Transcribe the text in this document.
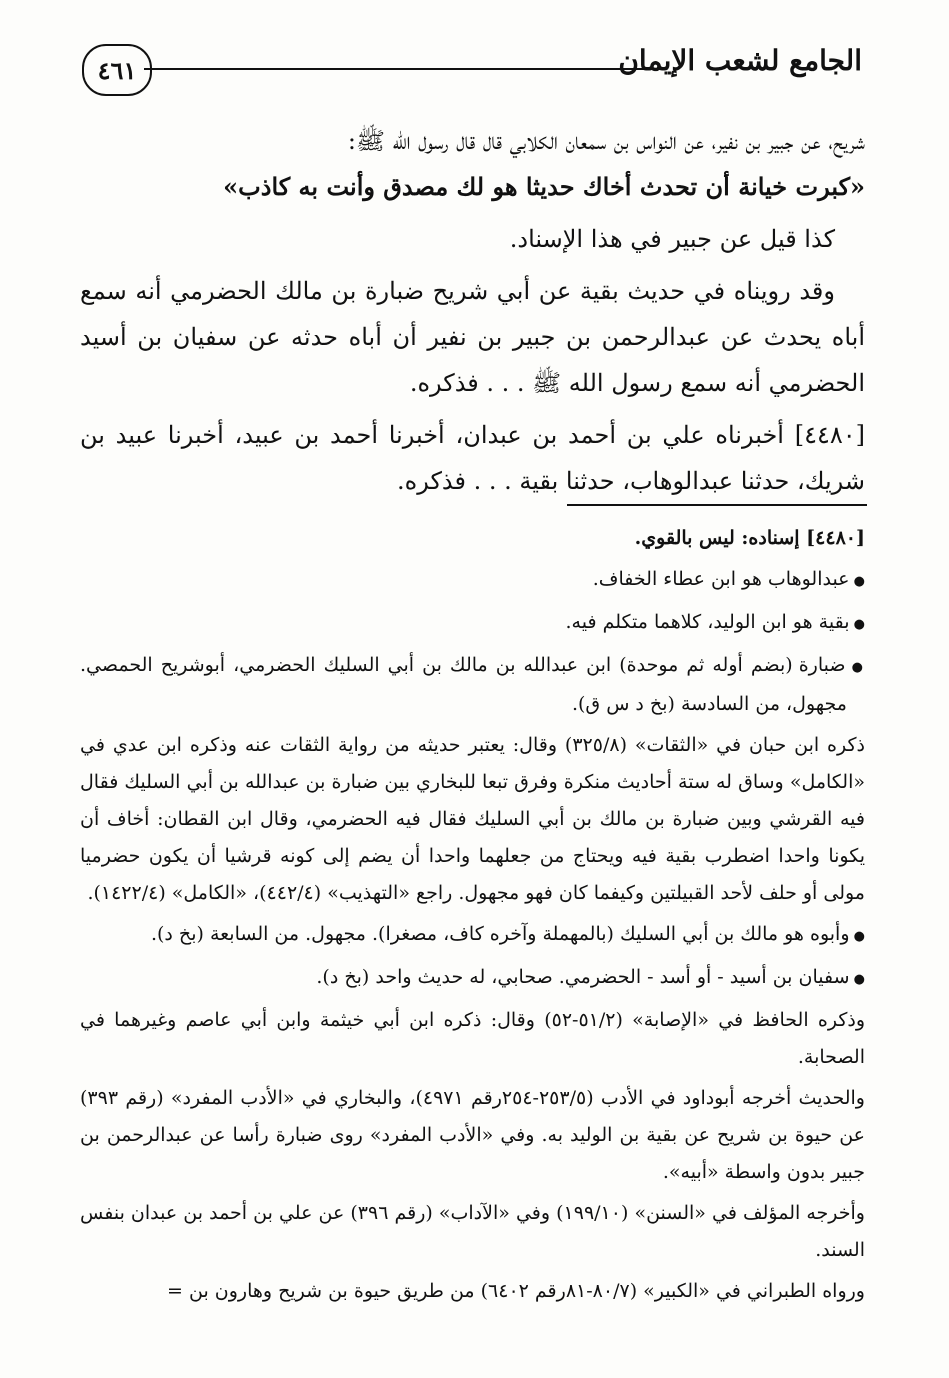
٤٦١	الجامع لشعب الإيمان

شريح، عن جبير بن نفير، عن النواس بن سمعان الكلابي قال قال رسول الله ﷺ:
«كبرت خيانة أن تحدث أخاك حديثا هو لك مصدق وأنت به كاذب»

كذا قيل عن جبير في هذا الإسناد.

وقد رويناه في حديث بقية عن أبي شريح ضبارة بن مالك الحضرمي أنه سمع أباه يحدث عن عبدالرحمن بن جبير بن نفير أن أباه حدثه عن سفيان بن أسيد الحضرمي أنه سمع رسول الله ﷺ . . . فذكره.

[٤٤٨٠] أخبرناه علي بن أحمد بن عبدان، أخبرنا أحمد بن عبيد، أخبرنا عبيد بن شريك، حدثنا عبدالوهاب، حدثنا بقية . . . فذكره.

[٤٤٨٠] إسناده: ليس بالقوي.

● عبدالوهاب هو ابن عطاء الخفاف.

● بقية هو ابن الوليد، كلاهما متكلم فيه.

● ضبارة (بضم أوله ثم موحدة) ابن عبدالله بن مالك بن أبي السليك الحضرمي، أبوشريح الحمصي. مجهول، من السادسة (بخ د س ق).

ذكره ابن حبان في «الثقات» (٣٢٥/٨) وقال: يعتبر حديثه من رواية الثقات عنه وذكره ابن عدي في «الكامل» وساق له ستة أحاديث منكرة وفرق تبعا للبخاري بين ضبارة بن عبدالله بن أبي السليك فقال فيه القرشي وبين ضبارة بن مالك بن أبي السليك فقال فيه الحضرمي، وقال ابن القطان: أخاف أن يكونا واحدا اضطرب بقية فيه ويحتاج من جعلهما واحدا أن يضم إلى كونه قرشيا أن يكون حضرميا مولى أو حلف لأحد القبيلتين وكيفما كان فهو مجهول. راجع «التهذيب» (٤٤٢/٤)، «الكامل» (١٤٢٢/٤).

● وأبوه هو مالك بن أبي السليك (بالمهملة وآخره كاف، مصغرا). مجهول. من السابعة (بخ د).

● سفيان بن أسيد - أو أسد - الحضرمي. صحابي، له حديث واحد (بخ د).

وذكره الحافظ في «الإصابة» (٥١/٢-٥٢) وقال: ذكره ابن أبي خيثمة وابن أبي عاصم وغيرهما في الصحابة.

والحديث أخرجه أبوداود في الأدب (٢٥٣/٥-٢٥٤رقم ٤٩٧١)، والبخاري في «الأدب المفرد» (رقم ٣٩٣) عن حيوة بن شريح عن بقية بن الوليد به. وفي «الأدب المفرد» روى ضبارة رأسا عن عبدالرحمن بن جبير بدون واسطة «أبيه».

وأخرجه المؤلف في «السنن» (١٩٩/١٠) وفي «الآداب» (رقم ٣٩٦) عن علي بن أحمد بن عبدان بنفس السند.

ورواه الطبراني في «الكبير» (٨٠/٧-٨١رقم ٦٤٠٢) من طريق حيوة بن شريح وهارون بن =
